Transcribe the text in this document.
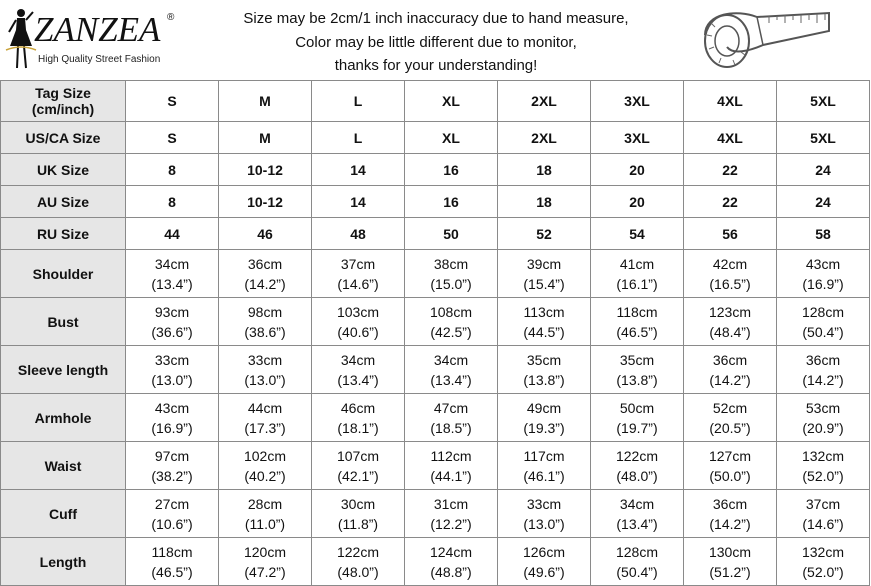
ZANZEA ®
High Quality Street Fashion
Size may be 2cm/1 inch inaccuracy due to hand measure,
Color may be little different due to monitor,
thanks for your understanding!
Tag Size
(cm/inch)	S	M	L	XL	2XL	3XL	4XL	5XL

US/CA Size	S	M	L	XL	2XL	3XL	4XL	5XL

UK Size	8	10-12	14	16	18	20	22	24

AU Size	8	10-12	14	16	18	20	22	24

RU Size	44	46	48	50	52	54	56	58
Shoulder	34cm
(13.4”)	36cm
(14.2”)	37cm
(14.6”)	38cm
(15.0”)	39cm
(15.4”)	41cm
(16.1”)	42cm
(16.5”)	43cm
(16.9”)

Bust	93cm
(36.6”)	98cm
(38.6”)	103cm
(40.6”)	108cm
(42.5”)	113cm
(44.5”)	118cm
(46.5”)	123cm
(48.4”)	128cm
(50.4”)

Sleeve length	33cm
(13.0”)	33cm
(13.0”)	34cm
(13.4”)	34cm
(13.4”)	35cm
(13.8”)	35cm
(13.8”)	36cm
(14.2”)	36cm
(14.2”)

Armhole	43cm
(16.9”)	44cm
(17.3”)	46cm
(18.1”)	47cm
(18.5”)	49cm
(19.3”)	50cm
(19.7”)	52cm
(20.5”)	53cm
(20.9”)

Waist	97cm
(38.2”)	102cm
(40.2”)	107cm
(42.1”)	112cm
(44.1”)	117cm
(46.1”)	122cm
(48.0”)	127cm
(50.0”)	132cm
(52.0”)

Cuff	27cm
(10.6”)	28cm
(11.0”)	30cm
(11.8”)	31cm
(12.2”)	33cm
(13.0”)	34cm
(13.4”)	36cm
(14.2”)	37cm
(14.6”)

Length	118cm
(46.5”)	120cm
(47.2”)	122cm
(48.0”)	124cm
(48.8”)	126cm
(49.6”)	128cm
(50.4”)	130cm
(51.2”)	132cm
(52.0”)
